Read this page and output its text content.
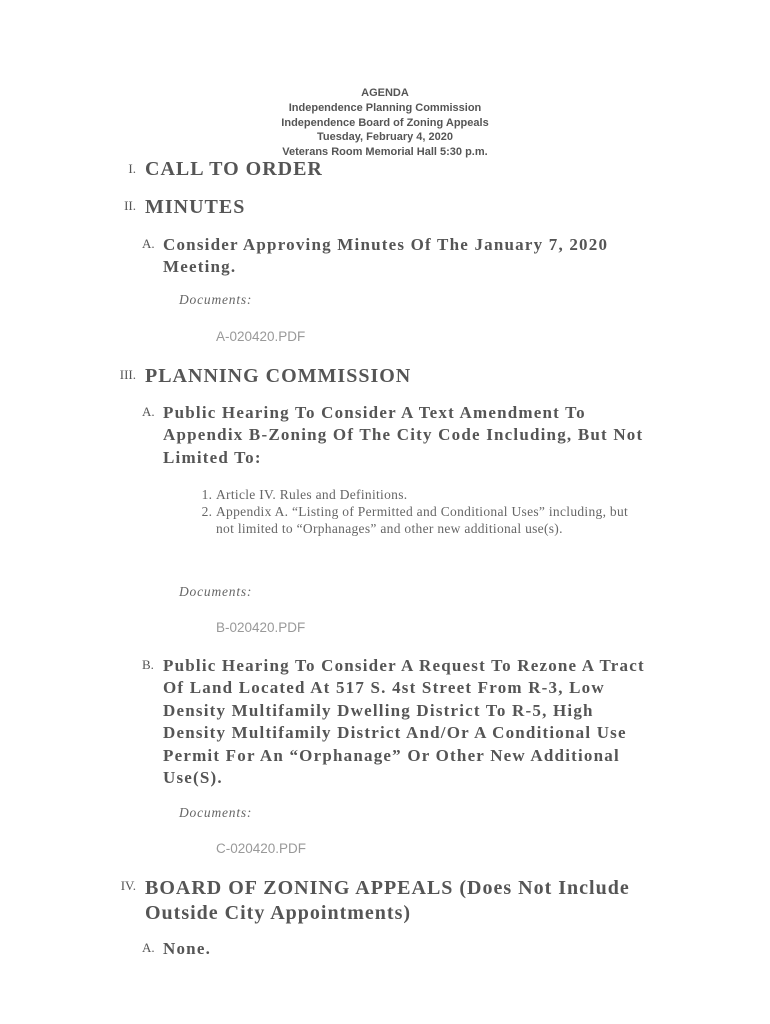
AGENDA
Independence Planning Commission
Independence Board of Zoning Appeals
Tuesday, February 4, 2020
Veterans Room Memorial Hall 5:30 p.m.
I. CALL TO ORDER
II. MINUTES
A. Consider Approving Minutes Of The January 7, 2020 Meeting.
Documents:
A-020420.PDF
III. PLANNING COMMISSION
A. Public Hearing To Consider A Text Amendment To Appendix B-Zoning Of The City Code Including, But Not Limited To:
1. Article IV. Rules and Definitions.
2. Appendix A. “Listing of Permitted and Conditional Uses” including, but not limited to “Orphanages” and other new additional use(s).
Documents:
B-020420.PDF
B. Public Hearing To Consider A Request To Rezone A Tract Of Land Located At 517 S. 4st Street From R-3, Low Density Multifamily Dwelling District To R-5, High Density Multifamily District And/Or A Conditional Use Permit For An “Orphanage” Or Other New Additional Use(S).
Documents:
C-020420.PDF
IV. BOARD OF ZONING APPEALS (Does Not Include Outside City Appointments)
A. None.
